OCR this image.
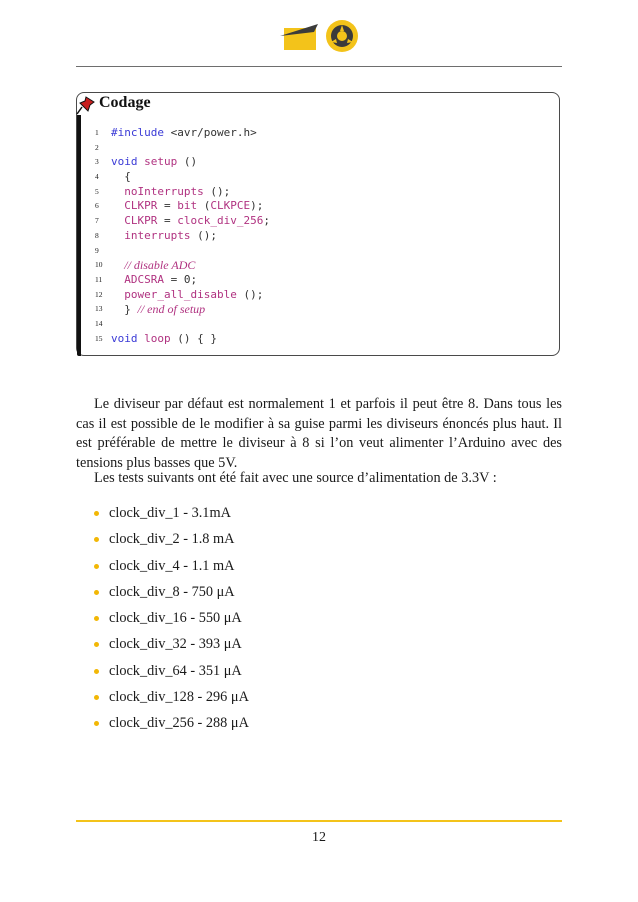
Codage
1 #include <avr/power.h>
2
3 void setup ()
4  {
5 noInterrupts ();
6 CLKPR = bit (CLKPCE);
7 CLKPR = clock_div_256;
8 interrupts ();
9
10 // disable ADC
11 ADCSRA = 0;
12 power_all_disable ();
13  } // end of setup
14
15 void loop () { }
Le diviseur par défaut est normalement 1 et parfois il peut être 8. Dans tous les cas il est possible de le modifier à sa guise parmi les diviseurs énoncés plus haut. Il est préférable de mettre le diviseur à 8 si l’on veut alimenter l’Arduino avec des tensions plus basses que 5V.
Les tests suivants ont été fait avec une source d’alimentation de 3.3V :
clock_div_1 - 3.1mA
clock_div_2 - 1.8 mA
clock_div_4 - 1.1 mA
clock_div_8 - 750 μA
clock_div_16 - 550 μA
clock_div_32 - 393 μA
clock_div_64 - 351 μA
clock_div_128 - 296 μA
clock_div_256 - 288 μA
12
